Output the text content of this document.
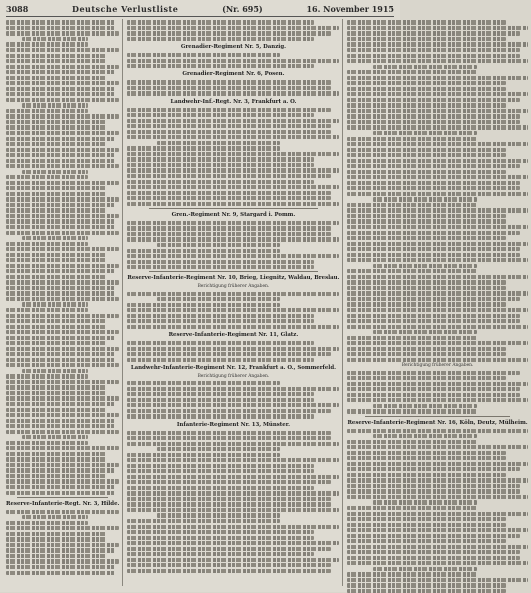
3088	Deutsche Verlustliste	(Nr. 695)	16. November 1915
Reserve-Infanterie-Regt. Nr. 3, Hilde.
Grenadier-Regiment Nr. 5, Danzig.
Grenadier-Regiment Nr. 6, Posen.
Landwehr-Inf.-Regt. Nr. 3, Frankfurt a. O.
Gren.-Regiment Nr. 9, Stargard i. Pomm.
Reserve-Infanterie-Regiment Nr. 10, Brieg, Liegnitz, Waldau, Breslau.
Berichtigung früherer Angaben.
Reserve-Infanterie-Regiment Nr. 11, Glatz.
Landwehr-Infanterie-Regiment Nr. 12, Frankfurt a. O., Sommerfeld.
Berichtigung früherer Angaben.
Infanterie-Regiment Nr. 13, Münster.
Berichtigung früherer Angaben.
Reserve-Infanterie-Regiment Nr. 16, Köln, Deutz, Mülheim.
